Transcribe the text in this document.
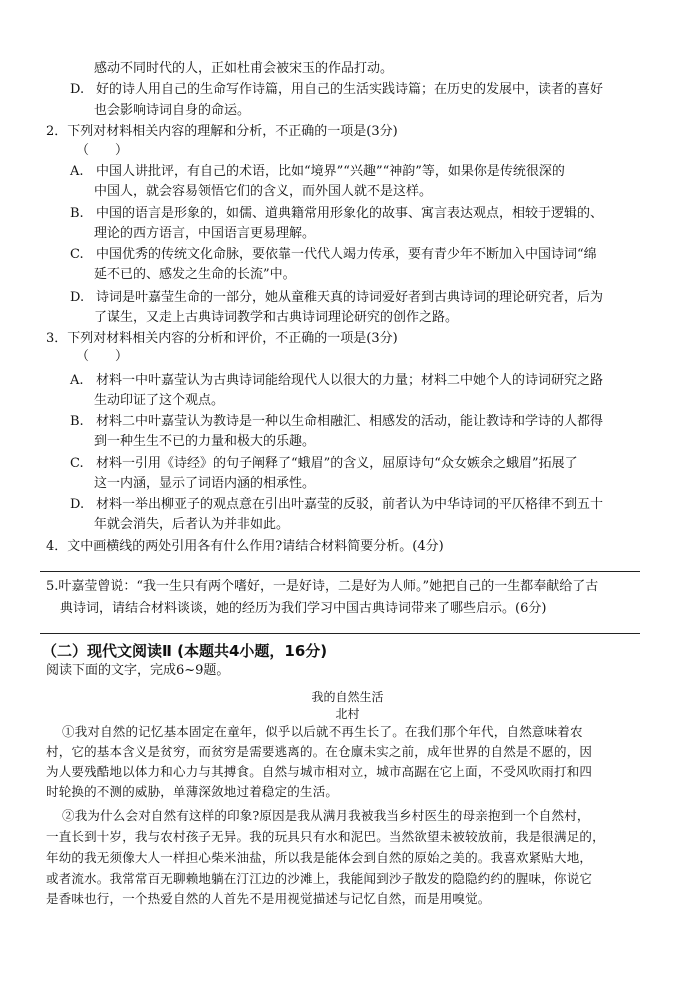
感动不同时代的人，正如杜甫会被宋玉的作品打动。
D. 好的诗人用自己的生命写作诗篇，用自己的生活实践诗篇；在历史的发展中，读者的喜好
也会影响诗词自身的命运。
2．下列对材料相关内容的理解和分析，不正确的一项是(3分)
（　　）
A. 中国人讲批评，有自己的术语，比如“境界”“兴趣”“神韵”等，如果你是传统很深的
中国人，就会容易领悟它们的含义，而外国人就不是这样。
B. 中国的语言是形象的，如儒、道典籍常用形象化的故事、寓言表达观点，相较于逻辑的、
理论的西方语言，中国语言更易理解。
C. 中国优秀的传统文化命脉，要依靠一代代人竭力传承，要有青少年不断加入中国诗词“绵
延不已的、感发之生命的长流”中。
D. 诗词是叶嘉莹生命的一部分，她从童稚天真的诗词爱好者到古典诗词的理论研究者，后为
了谋生，又走上古典诗词教学和古典诗词理论研究的创作之路。
3．下列对材料相关内容的分析和评价，不正确的一项是(3分)
（　　）
A. 材料一中叶嘉莹认为古典诗词能给现代人以很大的力量；材料二中她个人的诗词研究之路
生动印证了这个观点。
B. 材料二中叶嘉莹认为教诗是一种以生命相融汇、相感发的活动，能让教诗和学诗的人都得
到一种生生不已的力量和极大的乐趣。
C. 材料一引用《诗经》的句子阐释了“蛾眉”的含义，屈原诗句“众女嫉余之蛾眉”拓展了
这一内涵，显示了词语内涵的相承性。
D. 材料一举出柳亚子的观点意在引出叶嘉莹的反驳，前者认为中华诗词的平仄格律不到五十
年就会消失，后者认为并非如此。
4．文中画横线的两处引用各有什么作用?请结合材料简要分析。(4分)
5.叶嘉莹曾说：“我一生只有两个嗜好，一是好诗，二是好为人师。”她把自己的一生都奉献给了古
典诗词，请结合材料谈谈，她的经历为我们学习中国古典诗词带来了哪些启示。(6分)
（二）现代文阅读Ⅱ (本题共4小题，16分)
阅读下面的文字，完成6~9题。
我的自然生活
北村
①我对自然的记忆基本固定在童年，似乎以后就不再生长了。在我们那个年代，自然意味着农
村，它的基本含义是贫穷，而贫穷是需要逃离的。在仓廪未实之前，成年世界的自然是不愿的，因
为人要残酷地以体力和心力与其搏食。自然与城市相对立，城市高踞在它上面，不受风吹雨打和四
时轮换的不测的威胁，单薄深敛地过着稳定的生活。
②我为什么会对自然有这样的印象?原因是我从满月我被我当乡村医生的母亲抱到一个自然村，
一直长到十岁，我与农村孩子无异。我的玩具只有水和泥巴。当然欲望未被较放前，我是很满足的，
年幼的我无须像大人一样担心柴米油盐，所以我是能体会到自然的原始之美的。我喜欢紧贴大地，
或者流水。我常常百无聊赖地躺在汀江边的沙滩上，我能闻到沙子散发的隐隐约约的腥味，你说它
是香味也行，一个热爱自然的人首先不是用视觉描述与记忆自然，而是用嗅觉。
